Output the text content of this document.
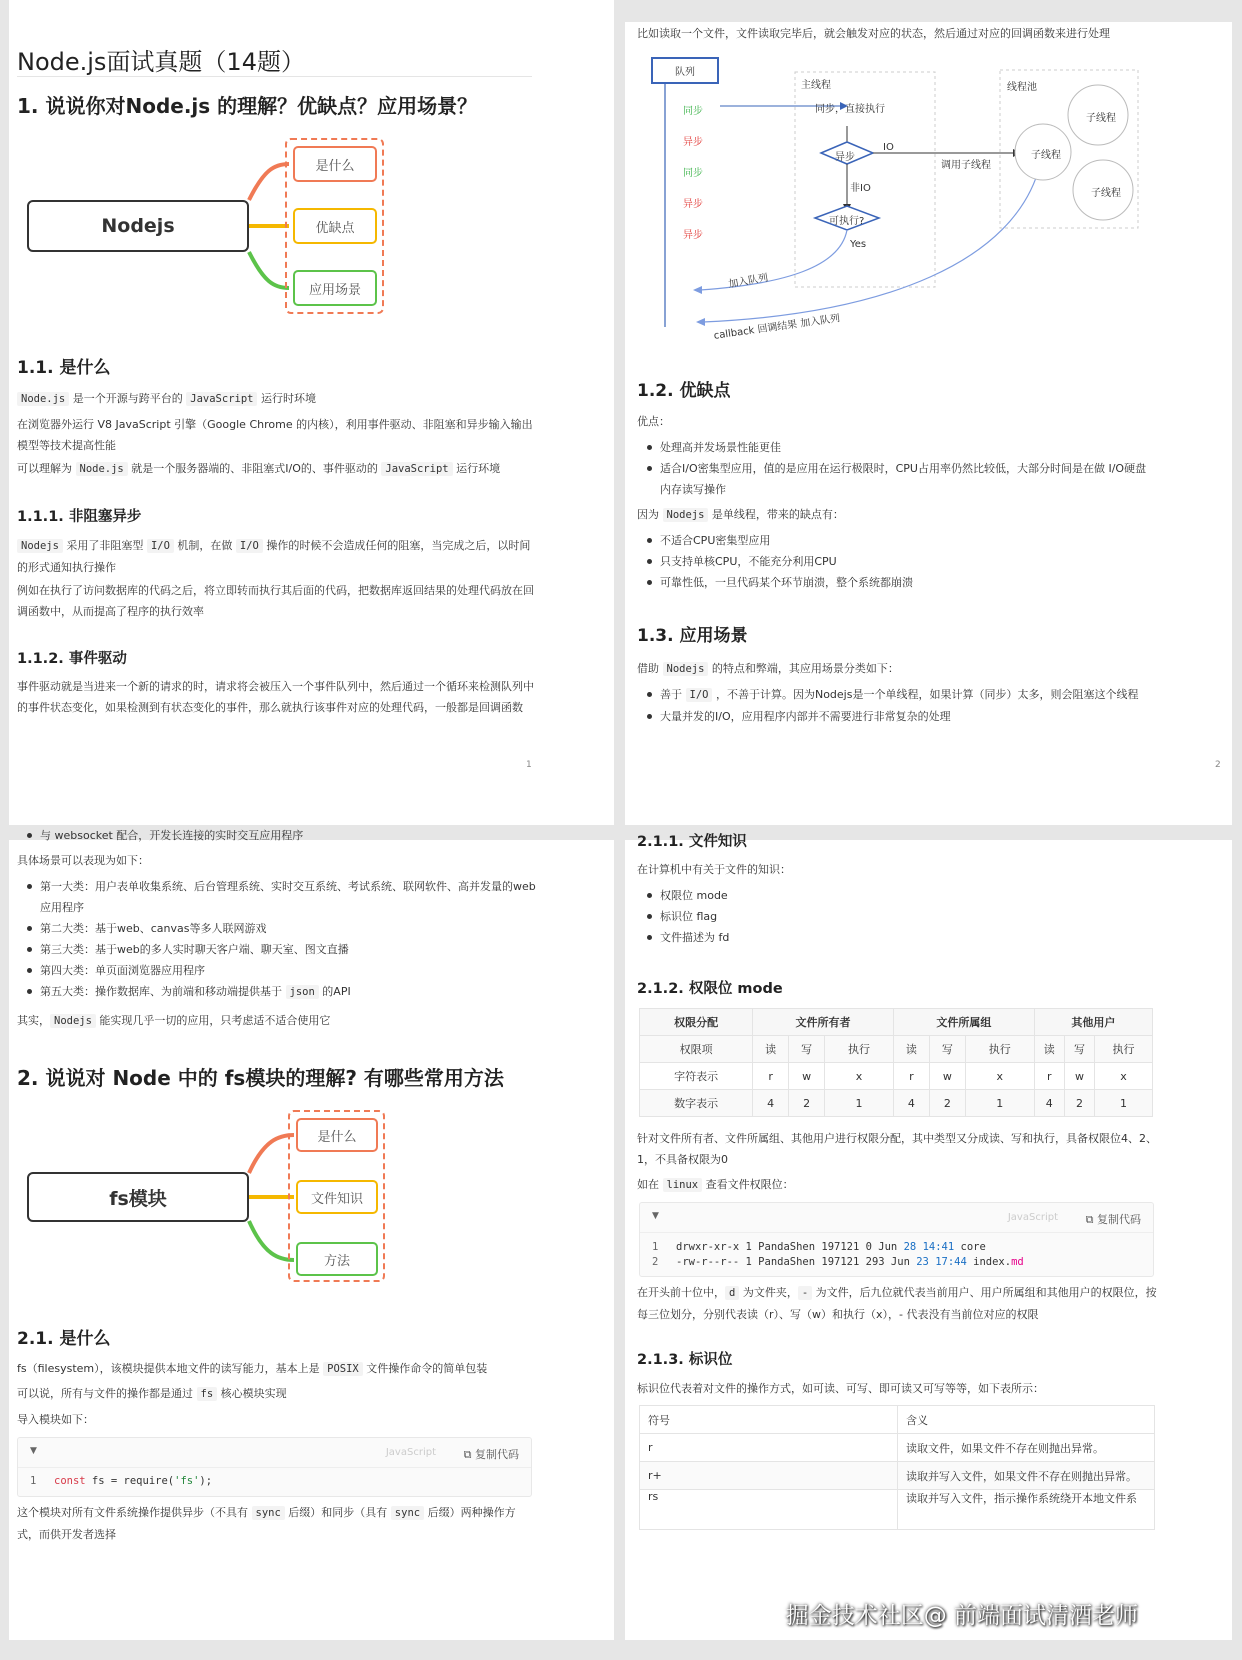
Node.js面试真题（14题）
1. 说说你对Node.js 的理解？优缺点？应用场景？
Nodejs
是什么
优缺点
应用场景
1.1. 是什么
Node.js 是一个开源与跨平台的 JavaScript 运行时环境
在浏览器外运行 V8 JavaScript 引擎（Google Chrome 的内核），利用事件驱动、非阻塞和异步输入输出模型等技术提高性能
可以理解为 Node.js 就是一个服务器端的、非阻塞式I/O的、事件驱动的 JavaScript 运行环境
1.1.1. 非阻塞异步
Nodejs 采用了非阻塞型 I/O 机制，在做 I/O 操作的时候不会造成任何的阻塞，当完成之后，以时间的形式通知执行操作
例如在执行了访问数据库的代码之后，将立即转而执行其后面的代码，把数据库返回结果的处理代码放在回调函数中，从而提高了程序的执行效率
1.1.2. 事件驱动
事件驱动就是当进来一个新的请求的时，请求将会被压入一个事件队列中，然后通过一个循环来检测队列中的事件状态变化，如果检测到有状态变化的事件，那么就执行该事件对应的处理代码，一般都是回调函数
1
比如读取一个文件，文件读取完毕后，就会触发对应的状态，然后通过对应的回调函数来进行处理
队列
同步
异步
同步
异步
异步
主线程	线程池
同步，直接执行
异步
IO
调用子线程
非IO
可执行?
Yes
子线程
子线程
子线程
加入队列
callback 回调结果 加入队列
1.2. 优缺点
优点：
处理高并发场景性能更佳
适合I/O密集型应用，值的是应用在运行极限时，CPU占用率仍然比较低，大部分时间是在做 I/O硬盘内存读写操作
因为 Nodejs 是单线程，带来的缺点有：
不适合CPU密集型应用
只支持单核CPU，不能充分利用CPU
可靠性低，一旦代码某个环节崩溃，整个系统都崩溃
1.3. 应用场景
借助 Nodejs 的特点和弊端，其应用场景分类如下：
善于 I/O ，不善于计算。因为Nodejs是一个单线程，如果计算（同步）太多，则会阻塞这个线程
大量并发的I/O，应用程序内部并不需要进行非常复杂的处理
2
与 websocket 配合，开发长连接的实时交互应用程序
具体场景可以表现为如下：
第一大类：用户表单收集系统、后台管理系统、实时交互系统、考试系统、联网软件、高并发量的web应用程序
第二大类：基于web、canvas等多人联网游戏
第三大类：基于web的多人实时聊天客户端、聊天室、图文直播
第四大类：单页面浏览器应用程序
第五大类：操作数据库、为前端和移动端提供基于 json 的API
其实， Nodejs 能实现几乎一切的应用，只考虑适不适合使用它
2. 说说对 Node 中的 fs模块的理解? 有哪些常用方法
fs模块
是什么
文件知识
方法
2.1. 是什么
fs（filesystem），该模块提供本地文件的读写能力，基本上是 POSIX 文件操作命令的简单包装
可以说，所有与文件的操作都是通过 fs 核心模块实现
导入模块如下：
▼	JavaScript	⧉ 复制代码
1 const fs = require('fs');
这个模块对所有文件系统操作提供异步（不具有 sync 后缀）和同步（具有 sync 后缀）两种操作方式，而供开发者选择
2.1.1. 文件知识
在计算机中有关于文件的知识：
权限位 mode
标识位 flag
文件描述为 fd
2.1.2. 权限位 mode
权限分配	文件所有者			文件所属组			其他用户		
权限项	读	写	执行	读	写	执行	读	写	执行
字符表示	r	w	x	r	w	x	r	w	x
数字表示	4	2	1	4	2	1	4	2	1
针对文件所有者、文件所属组、其他用户进行权限分配，其中类型又分成读、写和执行，具备权限位4、2、1，不具备权限为0
如在 linux 查看文件权限位：
▼	JavaScript	⧉ 复制代码
1 drwxr-xr-x 1 PandaShen 197121 0 Jun 28 14:41 core
2 -rw-r--r-- 1 PandaShen 197121 293 Jun 23 17:44 index.md
在开头前十位中， d 为文件夹， - 为文件，后九位就代表当前用户、用户所属组和其他用户的权限位，按每三位划分，分别代表读（r）、写（w）和执行（x），- 代表没有当前位对应的权限
2.1.3. 标识位
标识位代表着对文件的操作方式，如可读、可写、即可读又可写等等，如下表所示：
符号	含义
r	读取文件，如果文件不存在则抛出异常。
r+	读取并写入文件，如果文件不存在则抛出异常。
rs	读取并写入文件，指示操作系统绕开本地文件系
掘金技术社区@ 前端面试清酒老师
